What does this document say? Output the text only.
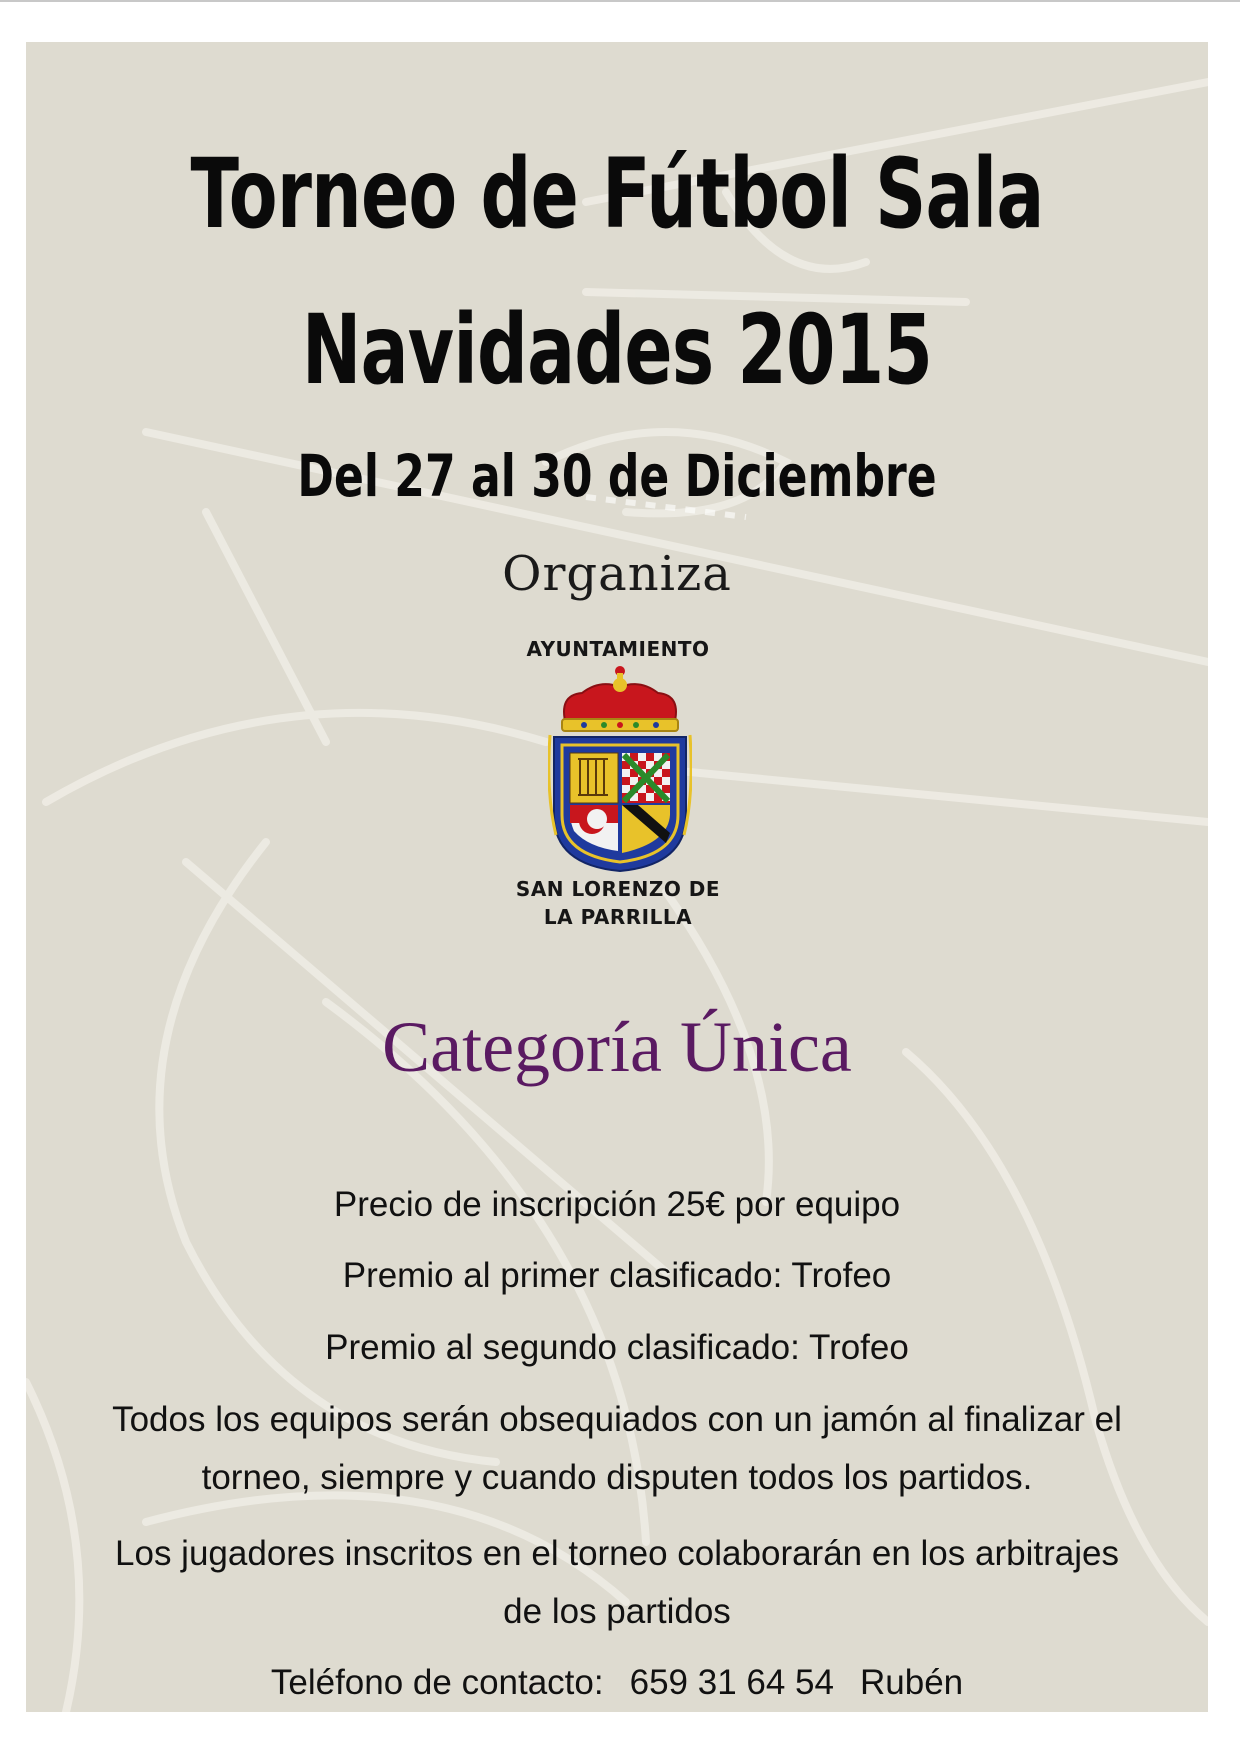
Torneo de Fútbol Sala
Navidades 2015
Del 27 al 30 de Diciembre
Organiza
AYUNTAMIENTO
SAN LORENZO DE
LA PARRILLA
Categoría Única
Precio de inscripción 25€ por equipo
Premio al primer clasificado: Trofeo
Premio al segundo clasificado: Trofeo
Todos los equipos serán obsequiados con un jamón al finalizar el
torneo, siempre y cuando disputen todos los partidos.
Los jugadores inscritos en el torneo colaborarán en los arbitrajes
de los partidos
Teléfono de contacto: 659 31 64 54 Rubén
